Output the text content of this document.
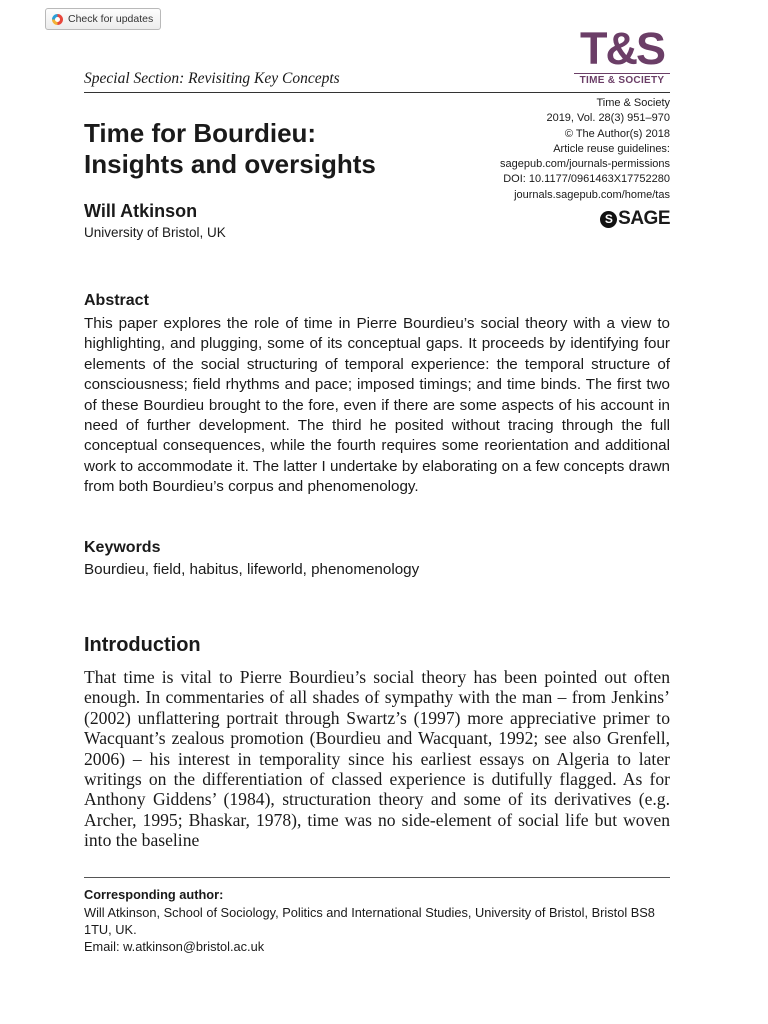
Check for updates
Special Section: Revisiting Key Concepts
T&S
TIME & SOCIETY
Time for Bourdieu:
Insights and oversights
Will Atkinson
University of Bristol, UK
Time & Society
2019, Vol. 28(3) 951–970
© The Author(s) 2018
Article reuse guidelines:
sagepub.com/journals-permissions
DOI: 10.1177/0961463X17752280
journals.sagepub.com/home/tas
S SAGE
Abstract
This paper explores the role of time in Pierre Bourdieu’s social theory with a view to highlighting, and plugging, some of its conceptual gaps. It proceeds by identifying four elements of the social structuring of temporal experience: the temporal structure of consciousness; field rhythms and pace; imposed timings; and time binds. The first two of these Bourdieu brought to the fore, even if there are some aspects of his account in need of further development. The third he posited without tracing through the full conceptual consequences, while the fourth requires some reorientation and additional work to accommodate it. The latter I undertake by elaborating on a few concepts drawn from both Bourdieu’s corpus and phenomenology.
Keywords
Bourdieu, field, habitus, lifeworld, phenomenology
Introduction
That time is vital to Pierre Bourdieu’s social theory has been pointed out often enough. In commentaries of all shades of sympathy with the man – from Jenkins’ (2002) unflattering portrait through Swartz’s (1997) more appreciative primer to Wacquant’s zealous promotion (Bourdieu and Wacquant, 1992; see also Grenfell, 2006) – his interest in temporality since his earliest essays on Algeria to later writings on the differentiation of classed experience is dutifully flagged. As for Anthony Giddens’ (1984), structuration theory and some of its derivatives (e.g. Archer, 1995; Bhaskar, 1978), time was no side-element of social life but woven into the baseline
Corresponding author:
Will Atkinson, School of Sociology, Politics and International Studies, University of Bristol, Bristol BS8 1TU, UK.
Email: w.atkinson@bristol.ac.uk
